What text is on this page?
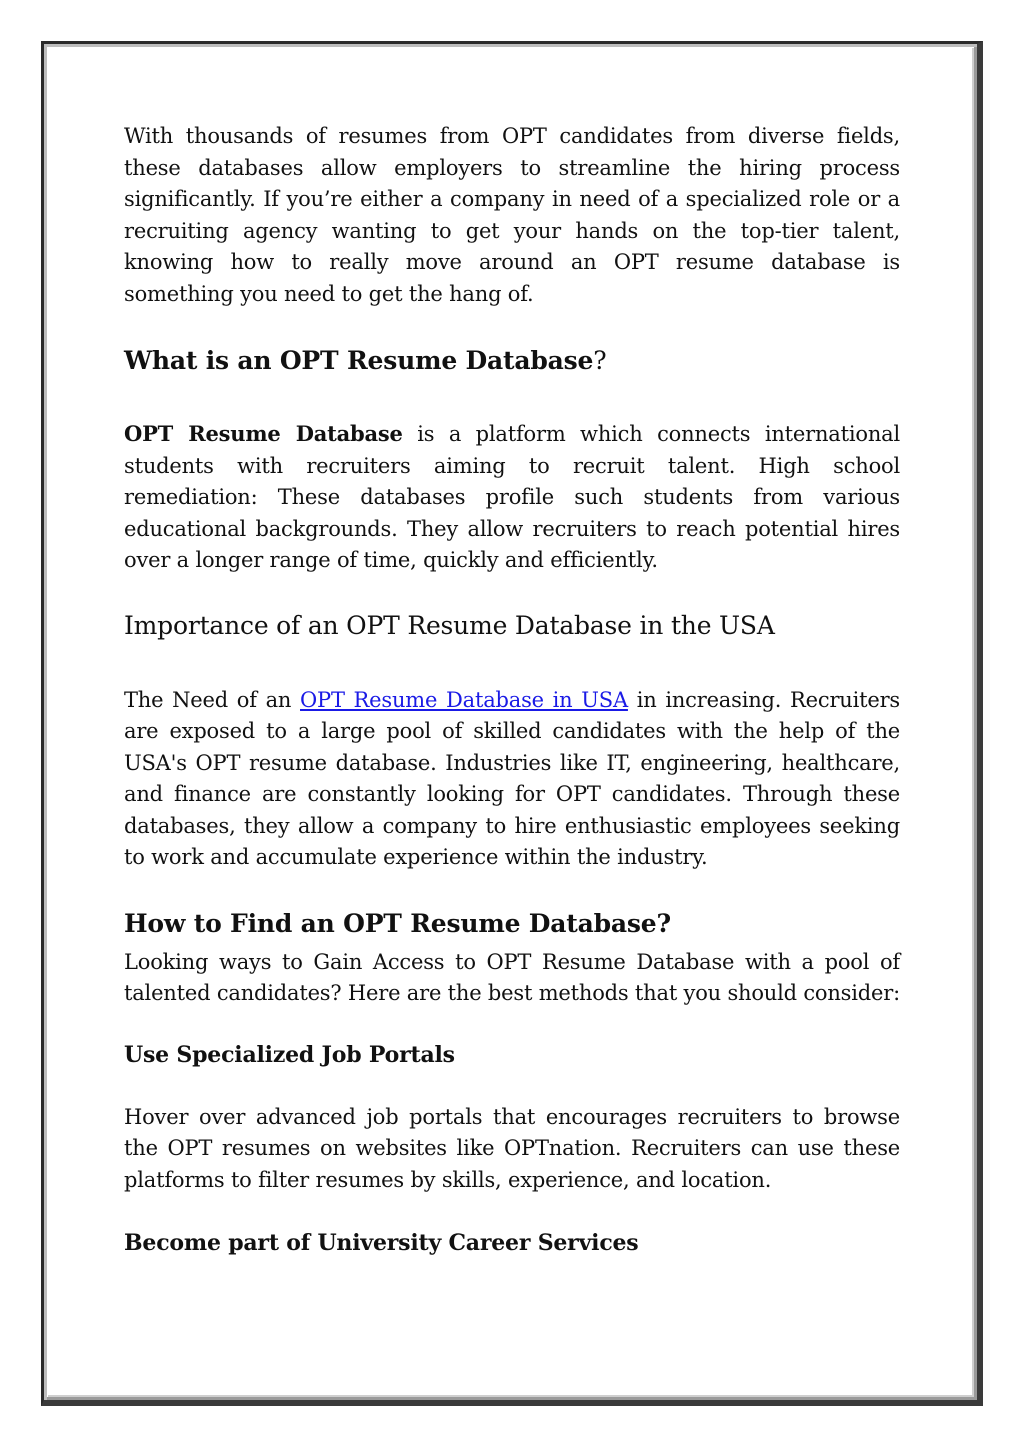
With thousands of resumes from OPT candidates from diverse fields, these databases allow employers to streamline the hiring process significantly. If you’re either a company in need of a specialized role or a recruiting agency wanting to get your hands on the top-tier talent, knowing how to really move around an OPT resume database is something you need to get the hang of.

What is an OPT Resume Database?

OPT Resume Database is a platform which connects international students with recruiters aiming to recruit talent. High school remediation: These databases profile such students from various educational backgrounds. They allow recruiters to reach potential hires over a longer range of time, quickly and efficiently.

Importance of an OPT Resume Database in the USA

The Need of an OPT Resume Database in USA in increasing. Recruiters are exposed to a large pool of skilled candidates with the help of the USA's OPT resume database. Industries like IT, engineering, healthcare, and finance are constantly looking for OPT candidates. Through these databases, they allow a company to hire enthusiastic employees seeking to work and accumulate experience within the industry.

How to Find an OPT Resume Database?

Looking ways to Gain Access to OPT Resume Database with a pool of talented candidates? Here are the best methods that you should consider:

Use Specialized Job Portals

Hover over advanced job portals that encourages recruiters to browse the OPT resumes on websites like OPTnation. Recruiters can use these platforms to filter resumes by skills, experience, and location.

Become part of University Career Services
